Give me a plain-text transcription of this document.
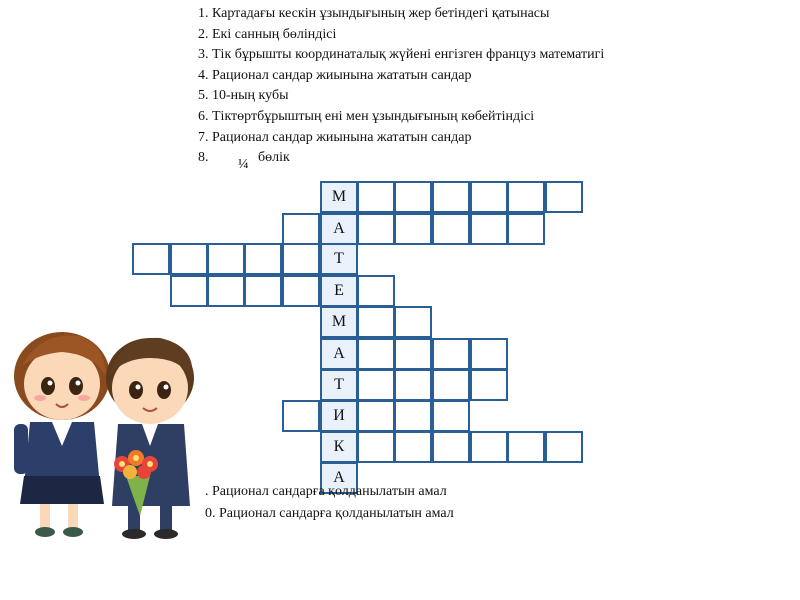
1. Картадағы кескін ұзындығының жер бетіндегі қатынасы
2. Екі санның бөліндісі
3. Тік бұрышты координаталық жүйені енгізген француз математигі
4. Рационал сандар жиынына жататын сандар
5. 10-ның кубы
6. Тіктөртбұрыштың ені мен ұзындығының көбейтіндісі
7. Рационал сандар жиынына жататын сандар
8.	бөлік
¼
М
А
Т
Е
М
А
Т
И
К
А
. Рационал сандарға қолданылатын амал
0. Рационал сандарға қолданылатын амал
